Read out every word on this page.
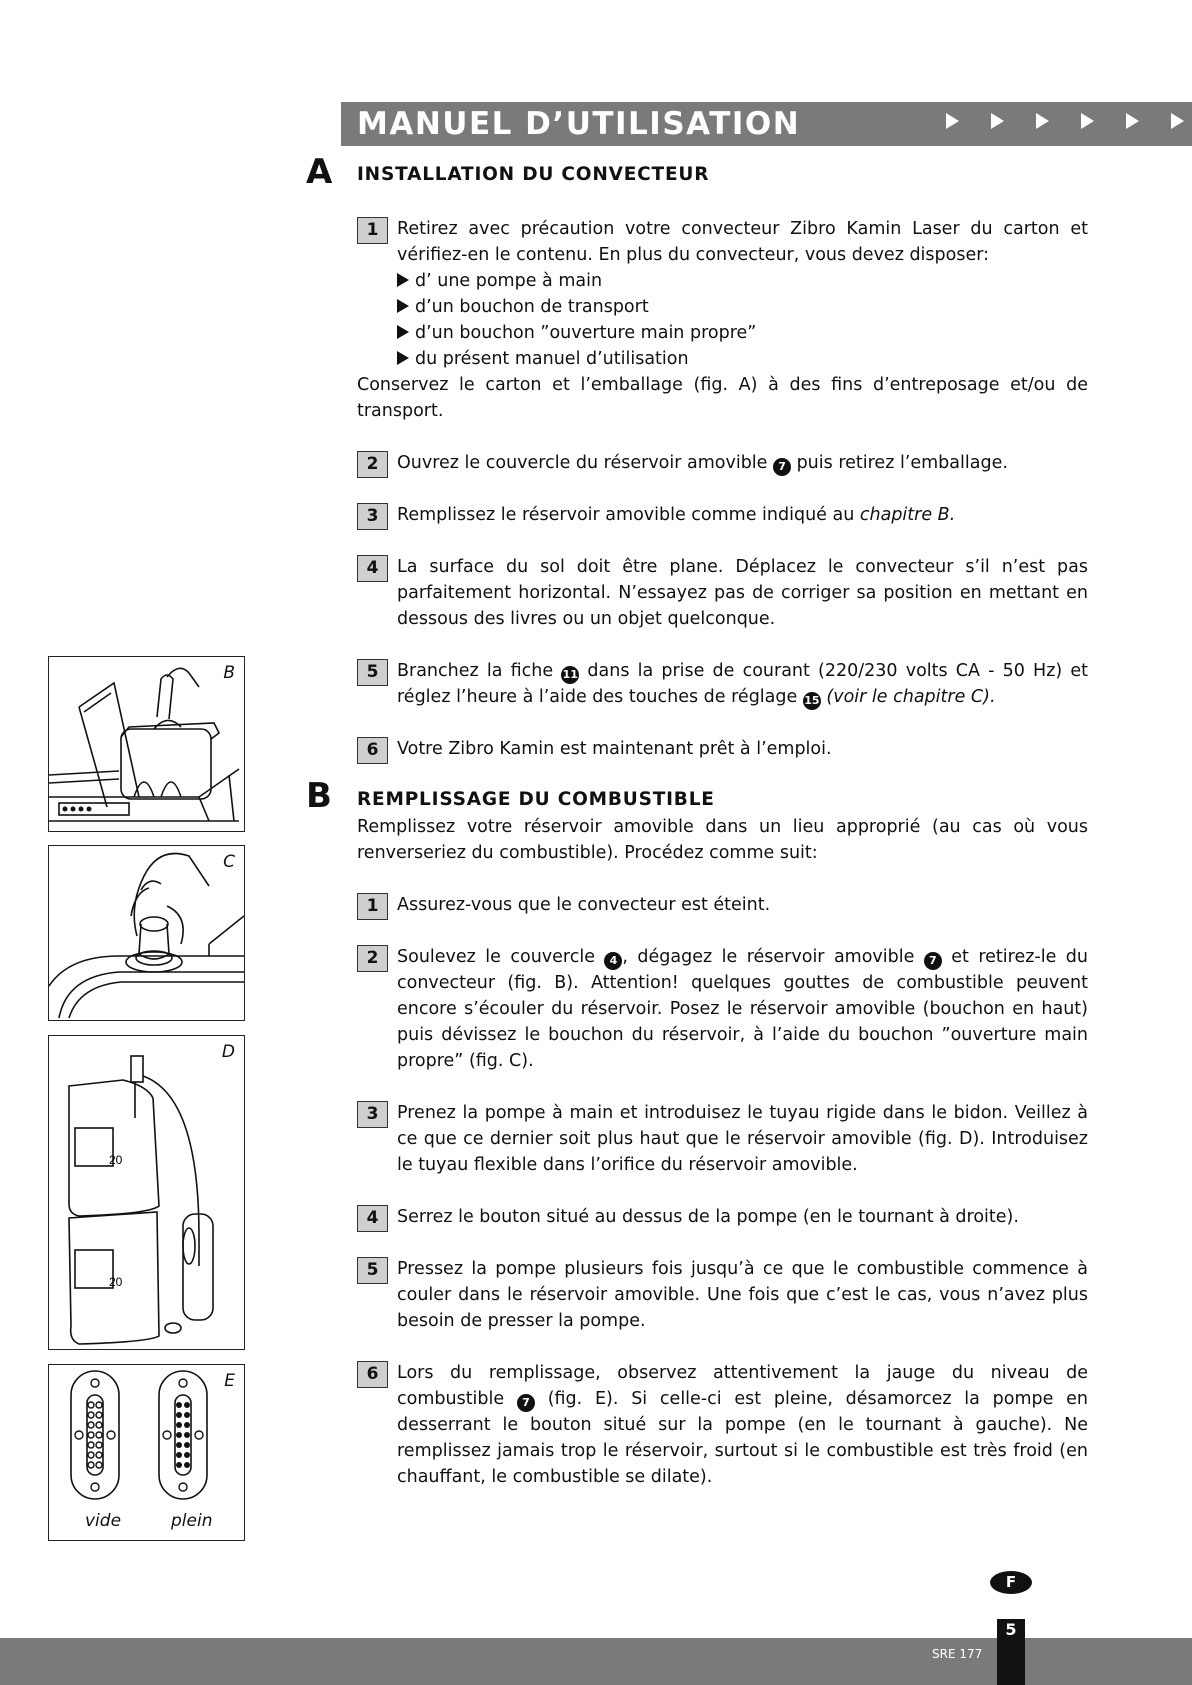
MANUEL D’UTILISATION
A INSTALLATION DU CONVECTEUR
1	Retirez avec précaution votre convecteur Zibro Kamin Laser du carton et vérifiez-en le contenu. En plus du convecteur, vous devez disposer:
d’ une pompe à main
d’un bouchon de transport
d’un bouchon ”ouverture main propre”
du présent manuel d’utilisation
Conservez le carton et l’emballage (fig. A) à des fins d’entreposage et/ou de transport.
2	Ouvrez le couvercle du réservoir amovible 7 puis retirez l’emballage.
3	Remplissez le réservoir amovible comme indiqué au chapitre B.
4	La surface du sol doit être plane. Déplacez le convecteur s’il n’est pas parfaitement horizontal. N’essayez pas de corriger sa position en mettant en dessous des livres ou un objet quelconque.
5	Branchez la fiche 11 dans la prise de courant (220/230 volts CA - 50 Hz) et réglez l’heure à l’aide des touches de réglage 15 (voir le chapitre C).
6	Votre Zibro Kamin est maintenant prêt à l’emploi.
B REMPLISSAGE DU COMBUSTIBLE
Remplissez votre réservoir amovible dans un lieu approprié (au cas où vous renverseriez du combustible). Procédez comme suit:
1	Assurez-vous que le convecteur est éteint.
2	Soulevez le couvercle 4 , dégagez le réservoir amovible 7 et retirez-le du convecteur (fig. B). Attention! quelques gouttes de combustible peuvent encore s’écouler du réservoir. Posez le réservoir amovible (bouchon en haut) puis dévissez le bouchon du réservoir, à l’aide du bouchon ”ouverture main propre” (fig. C).
3	Prenez la pompe à main et introduisez le tuyau rigide dans le bidon. Veillez à ce que ce dernier soit plus haut que le réservoir amovible (fig. D). Introduisez le tuyau flexible dans l’orifice du réservoir amovible.
4	Serrez le bouton situé au dessus de la pompe (en le tournant à droite).
5	Pressez la pompe plusieurs fois jusqu’à ce que le combustible commence à couler dans le réservoir amovible. Une fois que c’est le cas, vous n’avez plus besoin de presser la pompe.
6	Lors du remplissage, observez attentivement la jauge du niveau de combustible 7 (fig. E). Si celle-ci est pleine, désamorcez la pompe en desserrant le bouton situé sur la pompe (en le tournant à gauche). Ne remplissez jamais trop le réservoir, surtout si le combustible est très froid (en chauffant, le combustible se dilate).
B
C
D
20
20
E
vide	plein
F
SRE 177
5
